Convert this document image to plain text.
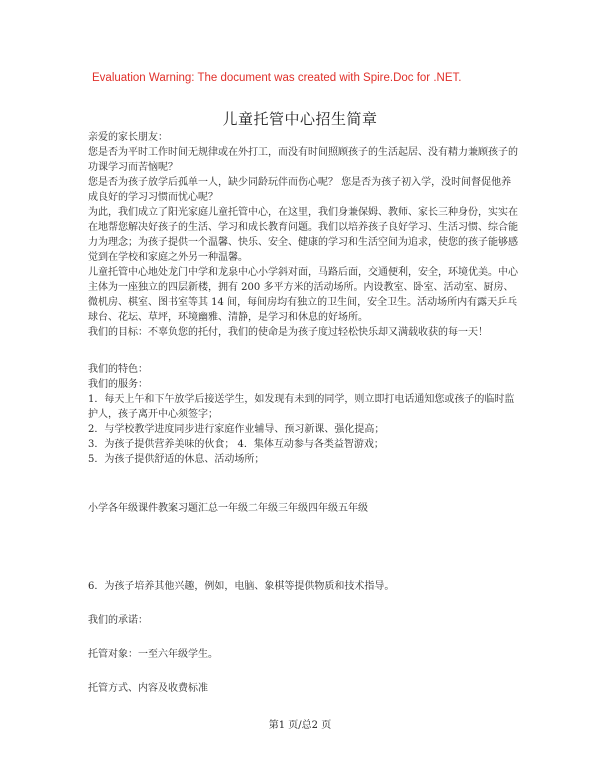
Evaluation Warning: The document was created with Spire.Doc for .NET.
儿童托管中心招生简章

亲爱的家长朋友：

您是否为平时工作时间无规律或在外打工，而没有时间照顾孩子的生活起居、没有精力兼顾孩子的功课学习而苦恼呢？

您是否为孩子放学后孤单一人，缺少同龄玩伴而伤心呢？ 您是否为孩子初入学，没时间督促他养成良好的学习习惯而忧心呢？

为此，我们成立了阳光家庭儿童托管中心，在这里，我们身兼保姆、教师、家长三种身份，实实在在地帮您解决好孩子的生活、学习和成长教育问题。我们以培养孩子良好学习、生活习惯、综合能力为理念；为孩子提供一个温馨、快乐、安全、健康的学习和生活空间为追求，使您的孩子能够感觉到在学校和家庭之外另一种温馨。

儿童托管中心地处龙门中学和龙泉中心小学斜对面，马路后面，交通便利，安全，环境优美。中心主体为一座独立的四层新楼，拥有 200 多平方米的活动场所。内设教室、卧室、活动室、厨房、微机房、棋室、图书室等其 14 间，每间房均有独立的卫生间，安全卫生。活动场所内有露天乒乓球台、花坛、草坪，环境幽雅、清静，是学习和休息的好场所。

我们的目标：不辜负您的托付，我们的使命是为孩子度过轻松快乐却又满载收获的每一天！

我们的特色：

我们的服务：

1．每天上午和下午放学后接送学生，如发现有未到的同学，则立即打电话通知您或孩子的临时监护人，孩子离开中心须签字；

2．与学校教学进度同步进行家庭作业辅导、预习新课、强化提高；

3．为孩子提供营养美味的伙食； 4．集体互动参与各类益智游戏；

5．为孩子提供舒适的休息、活动场所；

小学各年级课件教案习题汇总一年级二年级三年级四年级五年级

6．为孩子培养其他兴趣，例如，电脑、象棋等提供物质和技术指导。

我们的承诺：

托管对象：一至六年级学生。

托管方式、内容及收费标准

第1 页/总2 页
